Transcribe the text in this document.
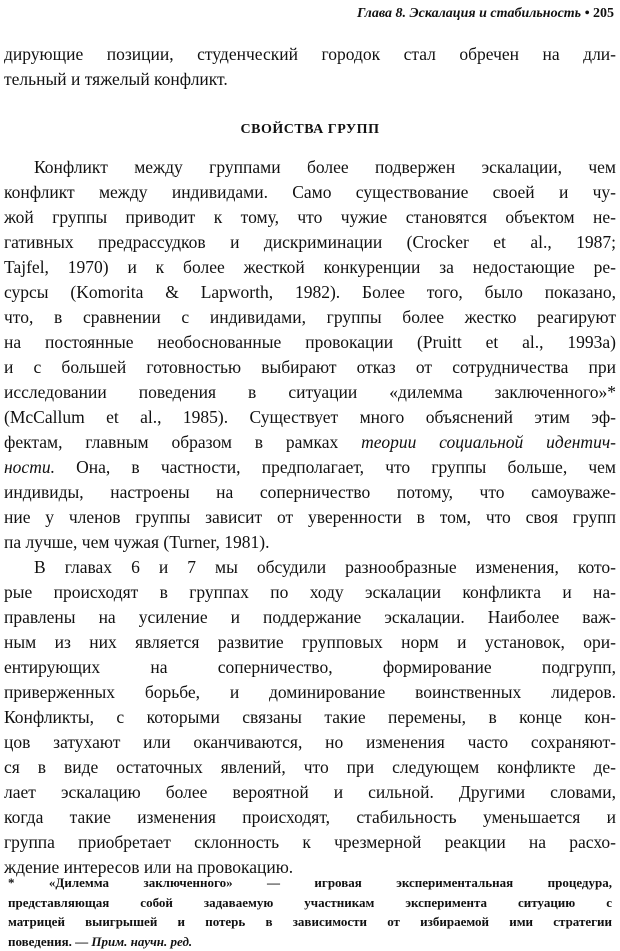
Глава 8. Эскалация и стабильность • 205
дирующие позиции, студенческий городок стал обречен на дли-
тельный и тяжелый конфликт.
СВОЙСТВА ГРУПП
Конфликт между группами более подвержен эскалации, чем
конфликт между индивидами. Само существование своей и чу-
жой группы приводит к тому, что чужие становятся объектом не-
гативных предрассудков и дискриминации (Crocker et al., 1987;
Tajfel, 1970) и к более жесткой конкуренции за недостающие ре-
сурсы (Komorita & Lapworth, 1982). Более того, было показано,
что, в сравнении с индивидами, группы более жестко реагируют
на постоянные необоснованные провокации (Pruitt et al., 1993a)
и с большей готовностью выбирают отказ от сотрудничества при
исследовании поведения в ситуации «дилемма заключенного»*
(McCallum et al., 1985). Существует много объяснений этим эф-
фектам, главным образом в рамках теории социальной идентич-
ности. Она, в частности, предполагает, что группы больше, чем
индивиды, настроены на соперничество потому, что самоуваже-
ние у членов группы зависит от уверенности в том, что своя групп
па лучше, чем чужая (Turner, 1981).
В главах 6 и 7 мы обсудили разнообразные изменения, кото-
рые происходят в группах по ходу эскалации конфликта и на-
правлены на усиление и поддержание эскалации. Наиболее важ-
ным из них является развитие групповых норм и установок, ори-
ентирующих на соперничество, формирование подгрупп,
приверженных борьбе, и доминирование воинственных лидеров.
Конфликты, с которыми связаны такие перемены, в конце кон-
цов затухают или оканчиваются, но изменения часто сохраняют-
ся в виде остаточных явлений, что при следующем конфликте де-
лает эскалацию более вероятной и сильной. Другими словами,
когда такие изменения происходят, стабильность уменьшается и
группа приобретает склонность к чрезмерной реакции на расхо-
ждение интересов или на провокацию.
* «Дилемма заключенного» — игровая экспериментальная процедура,
представляющая собой задаваемую участникам эксперимента ситуацию с
матрицей выигрышей и потерь в зависимости от избираемой ими стратегии
поведения. — Прим. научн. ред.
